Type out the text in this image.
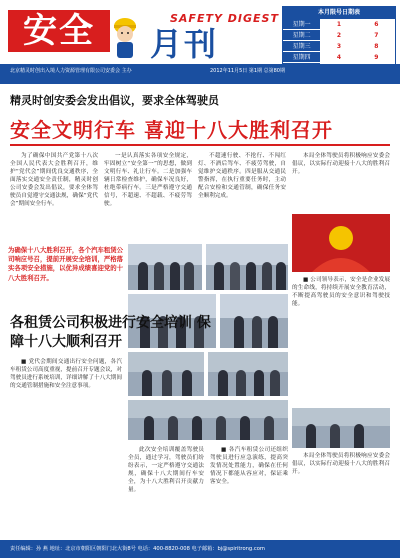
安全	SAFETY DIGEST
月刊
本月限号日期表
星期一	1	6
星期二	2	7
星期三	3	8
星期四	4	9
北京精灵时创出入境人力资源管理有限公司安委会 主办	2012年11月5日 第1期 总第80期
精灵时创安委会发出倡议，要求全体驾驶员
安全文明行车 喜迎十八大胜利召开

为了确保中国共产党第十八次全国人民代表大会胜利召开，维护“党代会”期间优良交通秩序，全面落实交通安全责任制，精灵时创公司安委会发出倡议，要求全体驾驶员自觉遵守交通法规，确保“党代会”期间安全行车。

一是认真落实各项安全规定，牢固树立“安全第一”的思想，做到文明行车、礼让行车。二是加强车辆日常检查维护，确保车况良好，杜绝带病行车。三是严格遵守交通信号，不超速、不超载、不疲劳驾驶。

不超速行驶、不抢行、不闯红灯、不酒后驾车、不疲劳驾驶，自觉维护交通秩序。四是服从交通民警指挥，在执行重要任务时，主动配合安检和交通管制，确保任务安全顺利完成。

本局全体驾驶员将积极响应安委会倡议，以实际行动迎接十八大的胜利召开。

为确保十八大胜利召开，各个汽车租赁公司响应号召，提前开展安全培训，严格落实各项安全措施，以优异成绩喜迎党的十八大胜利召开。	■ 公司领导表示，安全是企业发展的生命线，将持续开展安全教育活动，不断提高驾驶员的安全意识和驾驶技能。

各租赁公司积极进行安全培训 保障十八大顺利召开

■ 党代会期间交通出行安全问题，各汽车租赁公司高度重视，提前召开专题会议，对驾驶员进行系统培训，详细讲解了十八大期间的交通管制措施和安全注意事项。

此次安全培训覆盖驾驶员全员，通过学习，驾驶员们纷纷表示，一定严格遵守交通法规，确保十八大期间行车安全，为十八大胜利召开贡献力量。

■ 各汽车租赁公司还组织驾驶员进行应急演练，提高突发情况处置能力，确保在任何情况下都能从容应对，保证乘客安全。

本局全体驾驶员将积极响应安委会倡议，以实际行动迎接十八大的胜利召开。

责任编辑：孙 燕 地址：北京市朝阳区朝阳门北大街8号 电话：400-8820-008 电子邮箱：bj@spiritrong.com
